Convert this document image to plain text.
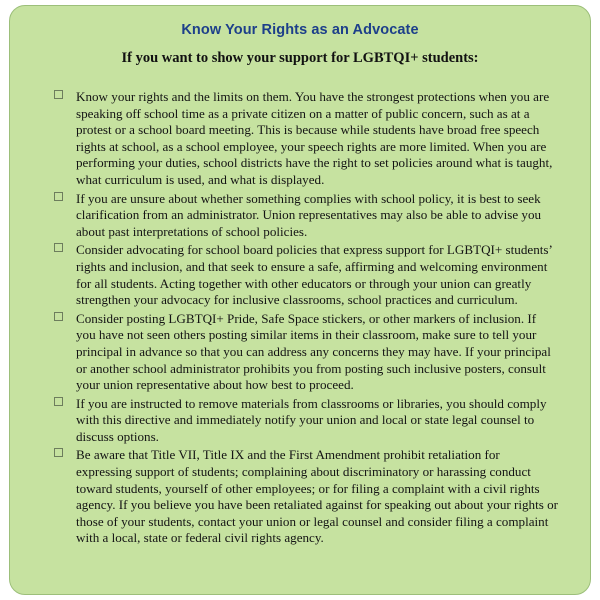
Know Your Rights as an Advocate
If you want to show your support for LGBTQI+ students:
Know your rights and the limits on them. You have the strongest protections when you are speaking off school time as a private citizen on a matter of public concern, such as at a protest or a school board meeting. This is because while students have broad free speech rights at school, as a school employee, your speech rights are more limited. When you are performing your duties, school districts have the right to set policies around what is taught, what curriculum is used, and what is displayed.
If you are unsure about whether something complies with school policy, it is best to seek clarification from an administrator. Union representatives may also be able to advise you about past interpretations of school policies.
Consider advocating for school board policies that express support for LGBTQI+ students’ rights and inclusion, and that seek to ensure a safe, affirming and welcoming environment for all students. Acting together with other educators or through your union can greatly strengthen your advocacy for inclusive classrooms, school practices and curriculum.
Consider posting LGBTQI+ Pride, Safe Space stickers, or other markers of inclusion. If you have not seen others posting similar items in their classroom, make sure to tell your principal in advance so that you can address any concerns they may have. If your principal or another school administrator prohibits you from posting such inclusive posters, consult your union representative about how best to proceed.
If you are instructed to remove materials from classrooms or libraries, you should comply with this directive and immediately notify your union and local or state legal counsel to discuss options.
Be aware that Title VII, Title IX and the First Amendment prohibit retaliation for expressing support of students; complaining about discriminatory or harassing conduct toward students, yourself of other employees; or for filing a complaint with a civil rights agency. If you believe you have been retaliated against for speaking out about your rights or those of your students, contact your union or legal counsel and consider filing a complaint with a local, state or federal civil rights agency.
